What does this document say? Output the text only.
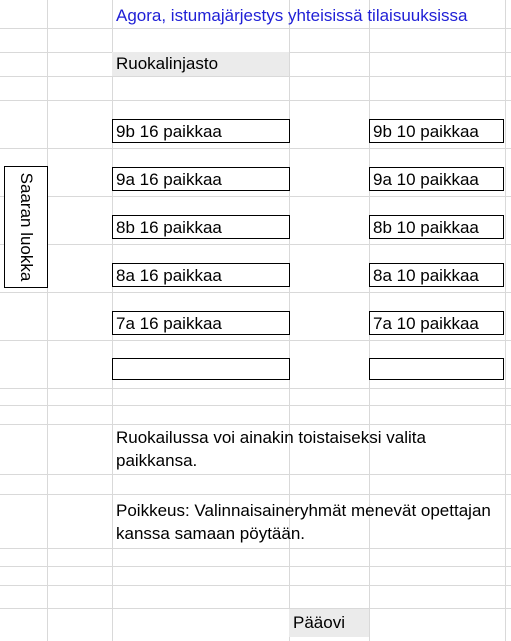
Agora, istumajärjestys yhteisissä tilaisuuksissa
Ruokalinjasto
9b 16 paikkaa
9a 16 paikkaa
8b 16 paikkaa
8a 16 paikkaa
7a 16 paikkaa
9b 10 paikkaa
9a 10 paikkaa
8b 10 paikkaa
8a 10 paikkaa
7a 10 paikkaa
Saaran luokka
Ruokailussa voi ainakin toistaiseksi valita paikkansa.
Poikkeus: Valinnaisaineryhmät menevät opettajan kanssa samaan pöytään.
Pääovi
